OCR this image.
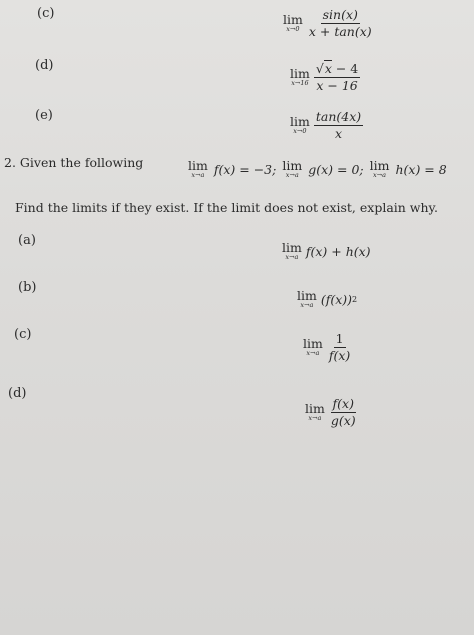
(c)	lim
$x\to 0 \frac{\sin(x)}{x + \tan(x)}$
(d)
lim
$x\to 16 \frac{√x - 4}{x - 16}$
(e)	lim
$x\to 0 \frac{\tan(4x)}{x}$
2. Given the following	lim
x→a f(x) = −3; lim
x→a g(x) = 0; lim
x→a h(x) = 8
Find the limits if they exist. If the limit does not exist, explain why.
(a)	lim
x→a f(x) + h(x)
(b)
lim
x→a (f(x)) 2
(c)
lim
$x\to a \frac{1}{f(x)}$
(d)
lim
$x\to a \frac{f(x)}{g(x)}$
